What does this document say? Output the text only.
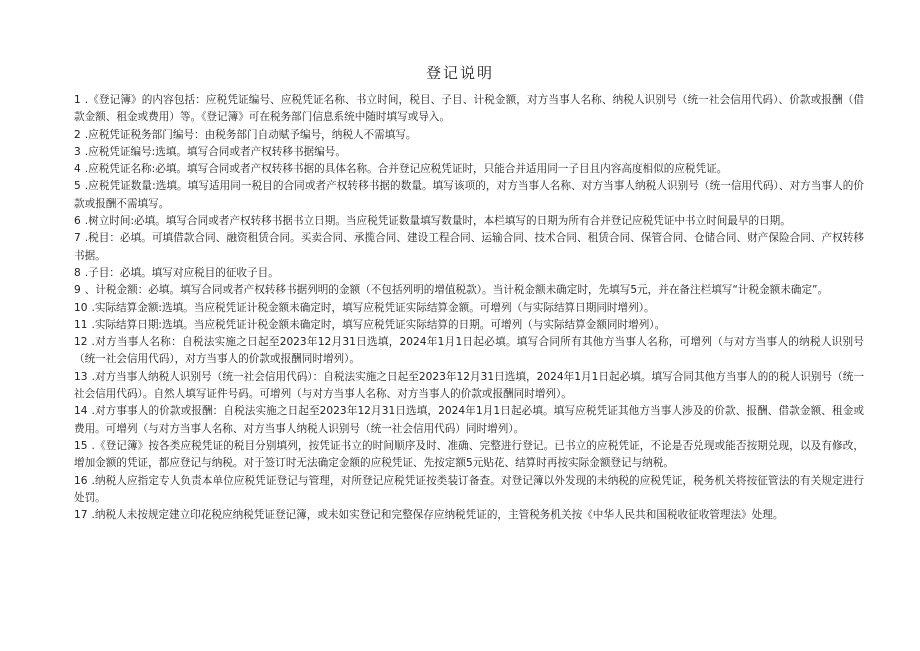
登记说明
1 .《登记簿》的内容包括：应税凭证编号、应税凭证名称、书立时间，税目、子目、计税金额，对方当事人名称、纳税人识别号（统一社会信用代码）、价款或报酬（借款金额、租金或费用）等。《登记簿》可在税务部门信息系统中随时填写或导入。
2 .应税凭证税务部门编号：由税务部门自动赋予编号，纳税人不需填写。
3 .应税凭证编号:选填。填写合同或者产权转移书据编号。
4 .应税凭证名称:必填。填写合同或者产权转移书据的具体名称。合并登记应税凭证时，只能合并适用同一子目且内容高度相似的应税凭证。
5 .应税凭证数量:选填。填写适用同一税目的合同或者产权转移书据的数量。填写该项的，对方当事人名称、对方当事人纳税人识别号（统一信用代码）、对方当事人的价款或报酬不需填写。
6 .树立时间:必填。填写合同或者产权转移书据书立日期。当应税凭证数量填写数量时，本栏填写的日期为所有合并登记应税凭证中书立时间最早的日期。
7 .税目：必填。可填借款合同、融资租赁合同。买卖合同、承揽合同、建设工程合同、运输合同、技术合同、租赁合同、保管合同、仓储合同、财产保险合同、产权转移书据。
8 .子目：必填。填写对应税目的征收子目。
9 、计税金额：必填。填写合同或者产权转移书据列明的金额（不包括列明的增值税款）。当计税金额未确定时，先填写5元，并在备注栏填写“计税金额未确定”。
10 .实际结算金额:选填。当应税凭证计税金额未确定时，填写应税凭证实际结算金额。可增列（与实际结算日期同时增列）。
11 .实际结算日期:选填。当应税凭证计税金额未确定时，填写应税凭证实际结算的日期。可增列（与实际结算金额同时增列）。
12 .对方当事人名称：自税法实施之日起至2023年12月31日选填，2024年1月1日起必填。填写合同所有其他方当事人名称，可增列（与对方当事人的纳税人识别号（统一社会信用代码），对方当事人的价款或报酬同时增列）。
13 .对方当事人纳税人识别号（统一社会信用代码）：自税法实施之日起至2023年12月31日选填，2024年1月1日起必填。填写合同其他方当事人的的税人识别号（统一社会信用代码）。自然人填写证件号码。可增列（与对方当事人名称、对方当事人的价款或报酬同时增列）。
14 .对方事事人的价款或报酬：自税法实施之日起至2023年12月31日选填，2024年1月1日起必填。填写应税凭证其他方当事人涉及的价款、报酬、借款金额、租金或费用。可增列（与对方当事人名称、对方当事人纳税人识别号（统一社会信用代码）同时增列）。
15 .《登记簿》按各类应税凭证的税目分别填列，按凭证书立的时间顺序及时、准确、完整进行登记。已书立的应税凭证，不论是否兑现或能否按期兑现，以及有修改，增加金额的凭证，都应登记与纳税。对于签订时无法确定金额的应税凭证、先按定额5元贴花、结算时再按实际金额登记与纳税。
16 .纳税人应指定专人负责本单位应税凭证登记与管理，对所登记应税凭证按类装订备查。对登记簿以外发现的未纳税的应税凭证，税务机关将按征管法的有关规定进行处罚。
17 .纳税人未按规定建立印花税应纳税凭证登记簿，或未如实登记和完整保存应纳税凭证的，主管税务机关按《中华人民共和国税收征收管理法》处理。
